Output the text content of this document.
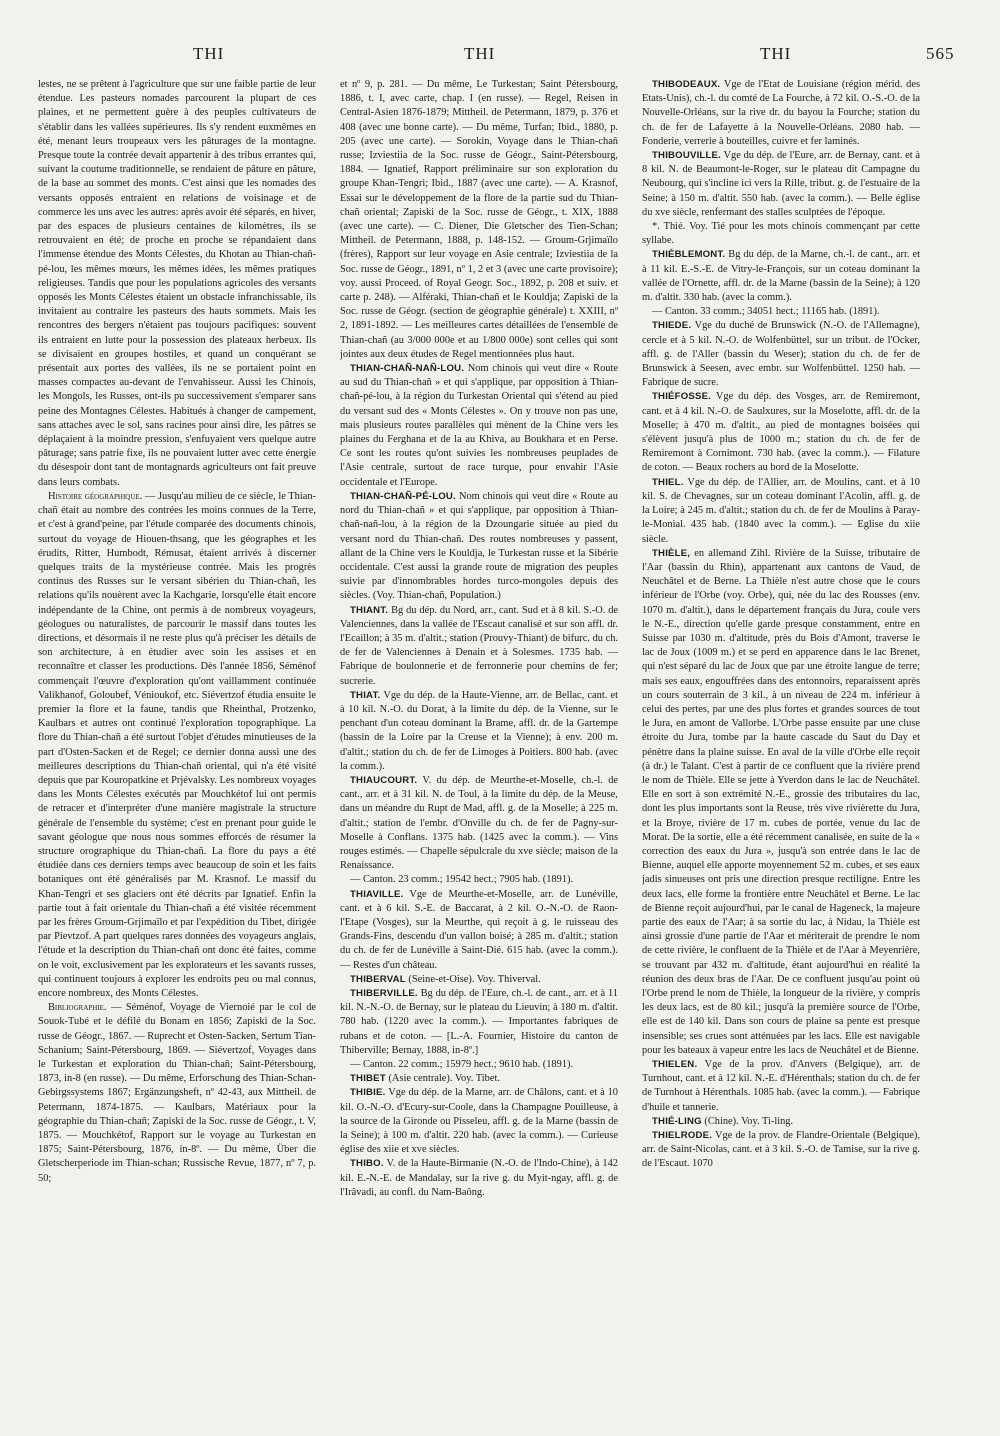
THI	THI	THI	565

lestes, ne se prêtent à l'agriculture que sur une faible partie de leur étendue. Les pasteurs nomades parcourent la plupart de ces plaines, et ne permettent guère à des peuples cultivateurs de s'établir dans les vallées supérieures. Ils s'y rendent euxmêmes en été, menant leurs troupeaux vers les pâturages de la montagne. Presque toute la contrée devait appartenir à des tribus errantes qui, suivant la coutume traditionnelle, se rendaient de pâture en pâture, de la base au sommet des monts. C'est ainsi que les nomades des versants opposés entraient en relations de voisinage et de commerce les uns avec les autres: après avoir été séparés, en hiver, par des espaces de plusieurs centaines de kilomètres, ils se retrouvaient en été; de proche en proche se répandaient dans l'immense étendue des Monts Célestes, du Khotan au Thian-chañ-pé-lou, les mêmes mœurs, les mêmes idées, les mêmes pratiques religieuses. Tandis que pour les populations agricoles des versants opposés les Monts Célestes étaient un obstacle infranchissable, ils invitaient au contraire les pasteurs des hauts sommets. Mais les rencontres des bergers n'étaient pas toujours pacifiques: souvent ils entraient en lutte pour la possession des plateaux herbeux. Ils se divisaient en groupes hostiles, et quand un conquérant se présentait aux portes des vallées, ils ne se portaient point en masses compactes au-devant de l'envahisseur. Aussi les Chinois, les Mongols, les Russes, ont-ils pu successivement s'emparer sans peine des Montagnes Célestes. Habitués à changer de campement, sans attaches avec le sol, sans racines pour ainsi dire, les pâtres se déplaçaient à la moindre pression, s'enfuyaient vers quelque autre pâturage; sans patrie fixe, ils ne pouvaient lutter avec cette énergie du désespoir dont tant de montagnards agriculteurs ont fait preuve dans leurs combats.

Histoire géographique. — Jusqu'au milieu de ce siècle, le Thian-chañ était au nombre des contrées les moins connues de la Terre, et c'est à grand'peine, par l'étude comparée des documents chinois, surtout du voyage de Hiouen-thsang, que les géographes et les érudits, Ritter, Humbodt, Rémusat, étaient arrivés à discerner quelques traits de la mystérieuse contrée. Mais les progrès continus des Russes sur le versant sibérien du Thian-chañ, les relations qu'ils nouèrent avec la Kachgarie, lorsqu'elle était encore indépendante de la Chine, ont permis à de nombreux voyageurs, géologues ou naturalistes, de parcourir le massif dans toutes les directions, et désormais il ne reste plus qu'à préciser les détails de son architecture, à en étudier avec soin les assises et en reconnaître et classer les productions. Dès l'année 1856, Séménof commençait l'œuvre d'exploration qu'ont vaillamment continuée Valikhanof, Goloubef, Vénioukof, etc. Siévertzof étudia ensuite le premier la flore et la faune, tandis que Rheinthal, Protzenko, Kaulbars et autres ont continué l'exploration topographique. La flore du Thian-chañ a été surtout l'objet d'études minutieuses de la part d'Osten-Sacken et de Regel; ce dernier donna aussi une des meilleures descriptions du Thian-chañ oriental, qui n'a été visité depuis que par Kouropatkine et Prjévalsky. Les nombreux voyages dans les Monts Célestes exécutés par Mouchkétof lui ont permis de retracer et d'interpréter d'une manière magistrale la structure générale de l'ensemble du système; c'est en prenant pour guide le savant géologue que nous nous sommes efforcés de résumer la structure orographique du Thian-chañ. La flore du pays a été étudiée dans ces derniers temps avec beaucoup de soin et les faits botaniques ont été généralisés par M. Krasnof. Le massif du Khan-Tengri et ses glaciers ont été décrits par Ignatief. Enfin la partie tout à fait orientale du Thian-chañ a été visitée récemment par les frères Groum-Grjimaïlo et par l'expédition du Tibet, dirigée par Pievtzof. A part quelques rares données des voyageurs anglais, l'étude et la description du Thian-chañ ont donc été faites, comme on le voit, exclusivement par les explorateurs et les savants russes, qui continuent toujours à explorer les endroits peu ou mal connus, encore nombreux, des Monts Célestes.

Bibliographie. — Séménof, Voyage de Viernoié par le col de Souok-Tubé et le défilé du Bonam en 1856; Zapiski de la Soc. russe de Géogr., 1867. — Ruprecht et Osten-Sacken, Sertum Tian-Schanium; Saint-Pétersbourg, 1869. — Siévertzof, Voyages dans le Turkestan et exploration du Thian-chañ; Saint-Pétersbourg, 1873, in-8 (en russe). — Du même, Erforschung des Thian-Schan-Gebirgssystems 1867; Ergänzungsheft, nº 42-43, aux Mittheil. de Petermann, 1874-1875. — Kaulbars, Matériaux pour la géographie du Thian-chañ; Zapiski de la Soc. russe de Géogr., t. V, 1875. — Mouchkétof, Rapport sur le voyage au Turkestan en 1875; Saint-Pétersbourg, 1876, in-8º. — Du même, Über die Gletscherperiode im Thian-schan; Russische Revue, 1877, nº 7, p. 50;

et nº 9, p. 281. — Du même, Le Turkestan; Saint Pétersbourg, 1886, t. I, avec carte, chap. I (en russe). — Regel, Reisen in Central-Asien 1876-1879; Mittheil. de Petermann, 1879, p. 376 et 408 (avec une bonne carte). — Du même, Turfan; Ibid., 1880, p. 205 (avec une carte). — Sorokin, Voyage dans le Thian-chañ russe; Izviestiia de la Soc. russe de Géogr., Saint-Pétersbourg, 1884. — Ignatief, Rapport préliminaire sur son exploration du groupe Khan-Tengri; Ibid., 1887 (avec une carte). — A. Krasnof, Essai sur le développement de la flore de la partie sud du Thian-chañ oriental; Zapiski de la Soc. russe de Géogr., t. XIX, 1888 (avec une carte). — C. Diener, Die Gletscher des Tien-Schan; Mittheil. de Petermann, 1888, p. 148-152. — Groum-Grjimaïlo (frères), Rapport sur leur voyage en Asie centrale; Izviestiia de la Soc. russe de Géogr., 1891, nº 1, 2 et 3 (avec une carte provisoire); voy. aussi Proceed. of Royal Geogr. Soc., 1892, p. 208 et suiv. et carte p. 248). — Alféraki, Thian-chañ et le Kouldja; Zapiski de la Soc. russe de Géogr. (section de géographie générale) t. XXIII, nº 2, 1891-1892. — Les meilleures cartes détaillées de l'ensemble de Thian-chañ (au 3/000 000e et au 1/800 000e) sont celles qui sont jointes aux deux études de Regel mentionnées plus haut.

THIAN-CHAÑ-NAÑ-LOU. Nom chinois qui veut dire « Route au sud du Thian-chañ » et qui s'applique, par opposition à Thian-chañ-pé-lou, à la région du Turkestan Oriental qui s'étend au pied du versant sud des « Monts Célestes ». On y trouve non pas une, mais plusieurs routes parallèles qui mènent de la Chine vers les plaines du Ferghana et de la au Khiva, au Boukhara et en Perse. Ce sont les routes qu'ont suivies les nombreuses peuplades de l'Asie centrale, surtout de race turque, pour envahir l'Asie occidentale et l'Europe.

THIAN-CHAÑ-PÉ-LOU. Nom chinois qui veut dire « Route au nord du Thian-chañ » et qui s'applique, par opposition à Thian-chañ-nañ-lou, à la région de la Dzoungarie située au pied du versant nord du Thian-chañ. Des routes nombreuses y passent, allant de la Chine vers le Kouldja, le Turkestan russe et la Sibérie occidentale. C'est aussi la grande route de migration des peuples suivie par d'innombrables hordes turco-mongoles depuis des siècles. (Voy. Thian-chañ, Population.)

THIANT. Bg du dép. du Nord, arr., cant. Sud et à 8 kil. S.-O. de Valenciennes, dans la vallée de l'Escaut canalisé et sur son affl. dr. l'Ecaillon; à 35 m. d'altit.; station (Prouvy-Thiant) de bifurc. du ch. de fer de Valenciennes à Denain et à Solesmes. 1735 hab. — Fabrique de boulonnerie et de ferronnerie pour chemins de fer; sucrerie.

THIAT. Vge du dép. de la Haute-Vienne, arr. de Bellac, cant. et à 10 kil. N.-O. du Dorat, à la limite du dép. de la Vienne, sur le penchant d'un coteau dominant la Brame, affl. dr. de la Gartempe (bassin de la Loire par la Creuse et la Vienne); à env. 200 m. d'altit.; station du ch. de fer de Limoges à Poitiers. 800 hab. (avec la comm.).

THIAUCOURT. V. du dép. de Meurthe-et-Moselle, ch.-l. de cant., arr. et à 31 kil. N. de Toul, à la limite du dép. de la Meuse, dans un méandre du Rupt de Mad, affl. g. de la Moselle; à 225 m. d'altit.; station de l'embr. d'Onville du ch. de fer de Pagny-sur-Moselle à Conflans. 1375 hab. (1425 avec la comm.). — Vins rouges estimés. — Chapelle sépulcrale du xve siècle; maison de la Renaissance.

— Canton. 23 comm.; 19542 hect.; 7905 hab. (1891).

THIAVILLE. Vge de Meurthe-et-Moselle, arr. de Lunéville, cant. et à 6 kil. S.-E. de Baccarat, à 2 kil. O.-N.-O. de Raon-l'Etape (Vosges), sur la Meurthe, qui reçoit à g. le ruisseau des Grands-Fins, descendu d'un vallon boisé; à 285 m. d'altit.; station du ch. de fer de Lunéville à Saint-Dié. 615 hab. (avec la comm.). — Restes d'un château.

THIBERVAL (Seine-et-Oise). Voy. Thiverval.

THIBERVILLE. Bg du dép. de l'Eure, ch.-l. de cant., arr. et à 11 kil. N.-N.-O. de Bernay, sur le plateau du Lieuvin; à 180 m. d'altit. 780 hab. (1220 avec la comm.). — Importantes fabriques de rubans et de coton. — [L.-A. Fournier, Histoire du canton de Thiberville; Bernay, 1888, in-8º.]

— Canton. 22 comm.; 15979 hect.; 9610 hab. (1891).

THIBET (Asie centrale). Voy. Tibet.

THIBIE. Vge du dép. de la Marne, arr. de Châlons, cant. et à 10 kil. O.-N.-O. d'Ecury-sur-Coole, dans la Champagne Pouilleuse, à la source de la Gironde ou Pisseleu, affl. g. de la Marne (bassin de la Seine); à 100 m. d'altit. 220 hab. (avec la comm.). — Curieuse église des xiie et xve siècles.

THIBO. V. de la Haute-Birmanie (N.-O. de l'Indo-Chine), à 142 kil. E.-N.-E. de Mandalay, sur la rive g. du Myit-ngay, affl. g. de l'Irâvadi, au confl. du Nam-Baông.

THIBODEAUX. Vge de l'Etat de Louisiane (région mérid. des Etats-Unis), ch.-l. du comté de La Fourche, à 72 kil. O.-S.-O. de la Nouvelle-Orléans, sur la rive dr. du bayou la Fourche; station du ch. de fer de Lafayette à la Nouvelle-Orléans. 2080 hab. — Fonderie, verrerie à bouteilles, cuivre et fer laminés.

THIBOUVILLE. Vge du dép. de l'Eure, arr. de Bernay, cant. et à 8 kil. N. de Beaumont-le-Roger, sur le plateau dit Campagne du Neubourg, qui s'incline ici vers la Rille, tribut. g. de l'estuaire de la Seine; à 150 m. d'altit. 550 hab. (avec la comm.). — Belle église du xve siècle, renfermant des stalles sculptées de l'époque.

*. Thié. Voy. Tié pour les mots chinois commençant par cette syllabe.

THIÉBLEMONT. Bg du dép. de la Marne, ch.-l. de cant., arr. et à 11 kil. E.-S.-E. de Vitry-le-François, sur un coteau dominant la vallée de l'Ornette, affl. dr. de la Marne (bassin de la Seine); à 120 m. d'altit. 330 hab. (avec la comm.).

— Canton. 33 comm.; 34051 hect.; 11165 hab. (1891).

THIEDE. Vge du duché de Brunswick (N.-O. de l'Allemagne), cercle et à 5 kil. N.-O. de Wolfenbüttel, sur un tribut. de l'Ocker, affl. g. de l'Aller (bassin du Weser); station du ch. de fer de Brunswick à Seesen, avec embr. sur Wolfenbüttel. 1250 hab. — Fabrique de sucre.

THIÉFOSSE. Vge du dép. des Vosges, arr. de Remiremont, cant. et à 4 kil. N.-O. de Saulxures, sur la Moselotte, affl. dr. de la Moselle; à 470 m. d'altit., au pied de montagnes boisées qui s'élèvent jusqu'à plus de 1000 m.; station du ch. de fer de Remiremont à Cornimont. 730 hab. (avec la comm.). — Filature de coton. — Beaux rochers au bord de la Moselotte.

THIEL. Vge du dép. de l'Allier, arr. de Moulins, cant. et à 10 kil. S. de Chevagnes, sur un coteau dominant l'Acolin, affl. g. de la Loire; à 245 m. d'altit.; station du ch. de fer de Moulins à Paray-le-Monial. 435 hab. (1840 avec la comm.). — Eglise du xiie siècle.

THIÈLE, en allemand Zihl. Rivière de la Suisse, tributaire de l'Aar (bassin du Rhin), appartenant aux cantons de Vaud, de Neuchâtel et de Berne. La Thièle n'est autre chose que le cours inférieur de l'Orbe (voy. Orbe), qui, née du lac des Rousses (env. 1070 m. d'altit.), dans le département français du Jura, coule vers le N.-E., direction qu'elle garde presque constamment, entre en Suisse par 1030 m. d'altitude, près du Bois d'Amont, traverse le lac de Joux (1009 m.) et se perd en apparence dans le lac Brenet, qui n'est séparé du lac de Joux que par une étroite langue de terre; mais ses eaux, engouffrées dans des entonnoirs, reparaissent après un cours souterrain de 3 kil., à un niveau de 224 m. inférieur à celui des pertes, par une des plus fortes et grandes sources de tout le Jura, en amont de Vallorbe. L'Orbe passe ensuite par une cluse étroite du Jura, tombe par la haute cascade du Saut du Day et pénètre dans la plaine suisse. En aval de la ville d'Orbe elle reçoit (à dr.) le Talant. C'est à partir de ce confluent que la rivière prend le nom de Thièle. Elle se jette à Yverdon dans le lac de Neuchâtel. Elle en sort à son extrémité N.-E., grossie des tributaires du lac, dont les plus importants sont la Reuse, très vive rivièrette du Jura, et la Broye, rivière de 17 m. cubes de portée, venue du lac de Morat. De la sortie, elle a été récemment canalisée, en suite de la « correction des eaux du Jura », jusqu'à son entrée dans le lac de Bienne, auquel elle apporte moyennement 52 m. cubes, et ses eaux jadis sinueuses ont pris une direction presque rectiligne. Entre les deux lacs, elle forme la frontière entre Neuchâtel et Berne. Le lac de Bienne reçoit aujourd'hui, par le canal de Hageneck, la majeure partie des eaux de l'Aar; à sa sortie du lac, à Nidau, la Thièle est ainsi grossie d'une partie de l'Aar et mériterait de prendre le nom de cette rivière, le confluent de la Thièle et de l'Aar à Meyenrière, se trouvant par 432 m. d'altitude, étant aujourd'hui en réalité la réunion des deux bras de l'Aar. De ce confluent jusqu'au point où l'Orbe prend le nom de Thièle, la longueur de la rivière, y compris les deux lacs, est de 80 kil.; jusqu'à la première source de l'Orbe, elle est de 140 kil. Dans son cours de plaine sa pente est presque insensible; ses crues sont atténuées par les lacs. Elle est navigable pour les bateaux à vapeur entre les lacs de Neuchâtel et de Bienne.

THIELEN. Vge de la prov. d'Anvers (Belgique), arr. de Turnhout, cant. et à 12 kil. N.-E. d'Hérenthals; station du ch. de fer de Turnhout à Hérenthals. 1085 hab. (avec la comm.). — Fabrique d'huile et tannerie.

THIÉ-LING (Chine). Voy. Ti-ling.

THIELRODE. Vge de la prov. de Flandre-Orientale (Belgique), arr. de Saint-Nicolas, cant. et à 3 kil. S.-O. de Tamise, sur la rive g. de l'Escaut. 1070
